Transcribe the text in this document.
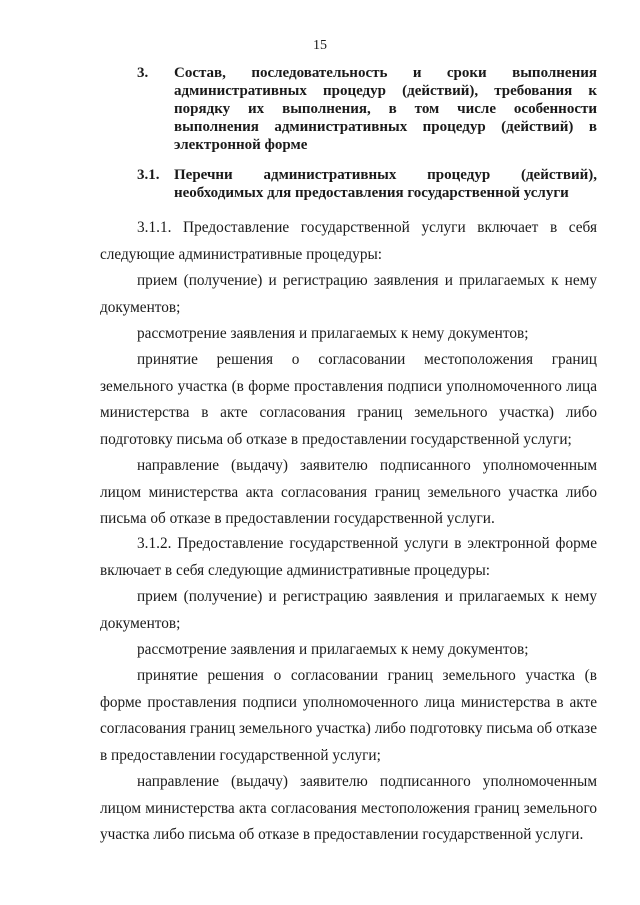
15
3. Состав, последовательность и сроки выполнения административных процедур (действий), требования к порядку их выполнения, в том числе особенности выполнения административных процедур (действий) в электронной форме
3.1. Перечни административных процедур (действий), необходимых для предоставления государственной услуги
3.1.1. Предоставление государственной услуги включает в себя следующие административные процедуры:
прием (получение) и регистрацию заявления и прилагаемых к нему документов;
рассмотрение заявления и прилагаемых к нему документов;
принятие решения о согласовании местоположения границ земельного участка (в форме проставления подписи уполномоченного лица министерства в акте согласования границ земельного участка) либо подготовку письма об отказе в предоставлении государственной услуги;
направление (выдачу) заявителю подписанного уполномоченным лицом министерства акта согласования границ земельного участка либо письма об отказе в предоставлении государственной услуги.
3.1.2. Предоставление государственной услуги в электронной форме включает в себя следующие административные процедуры:
прием (получение) и регистрацию заявления и прилагаемых к нему документов;
рассмотрение заявления и прилагаемых к нему документов;
принятие решения о согласовании границ земельного участка (в форме проставления подписи уполномоченного лица министерства в акте согласования границ земельного участка) либо подготовку письма об отказе в предоставлении государственной услуги;
направление (выдачу) заявителю подписанного уполномоченным лицом министерства акта согласования местоположения границ земельного участка либо письма об отказе в предоставлении государственной услуги.
